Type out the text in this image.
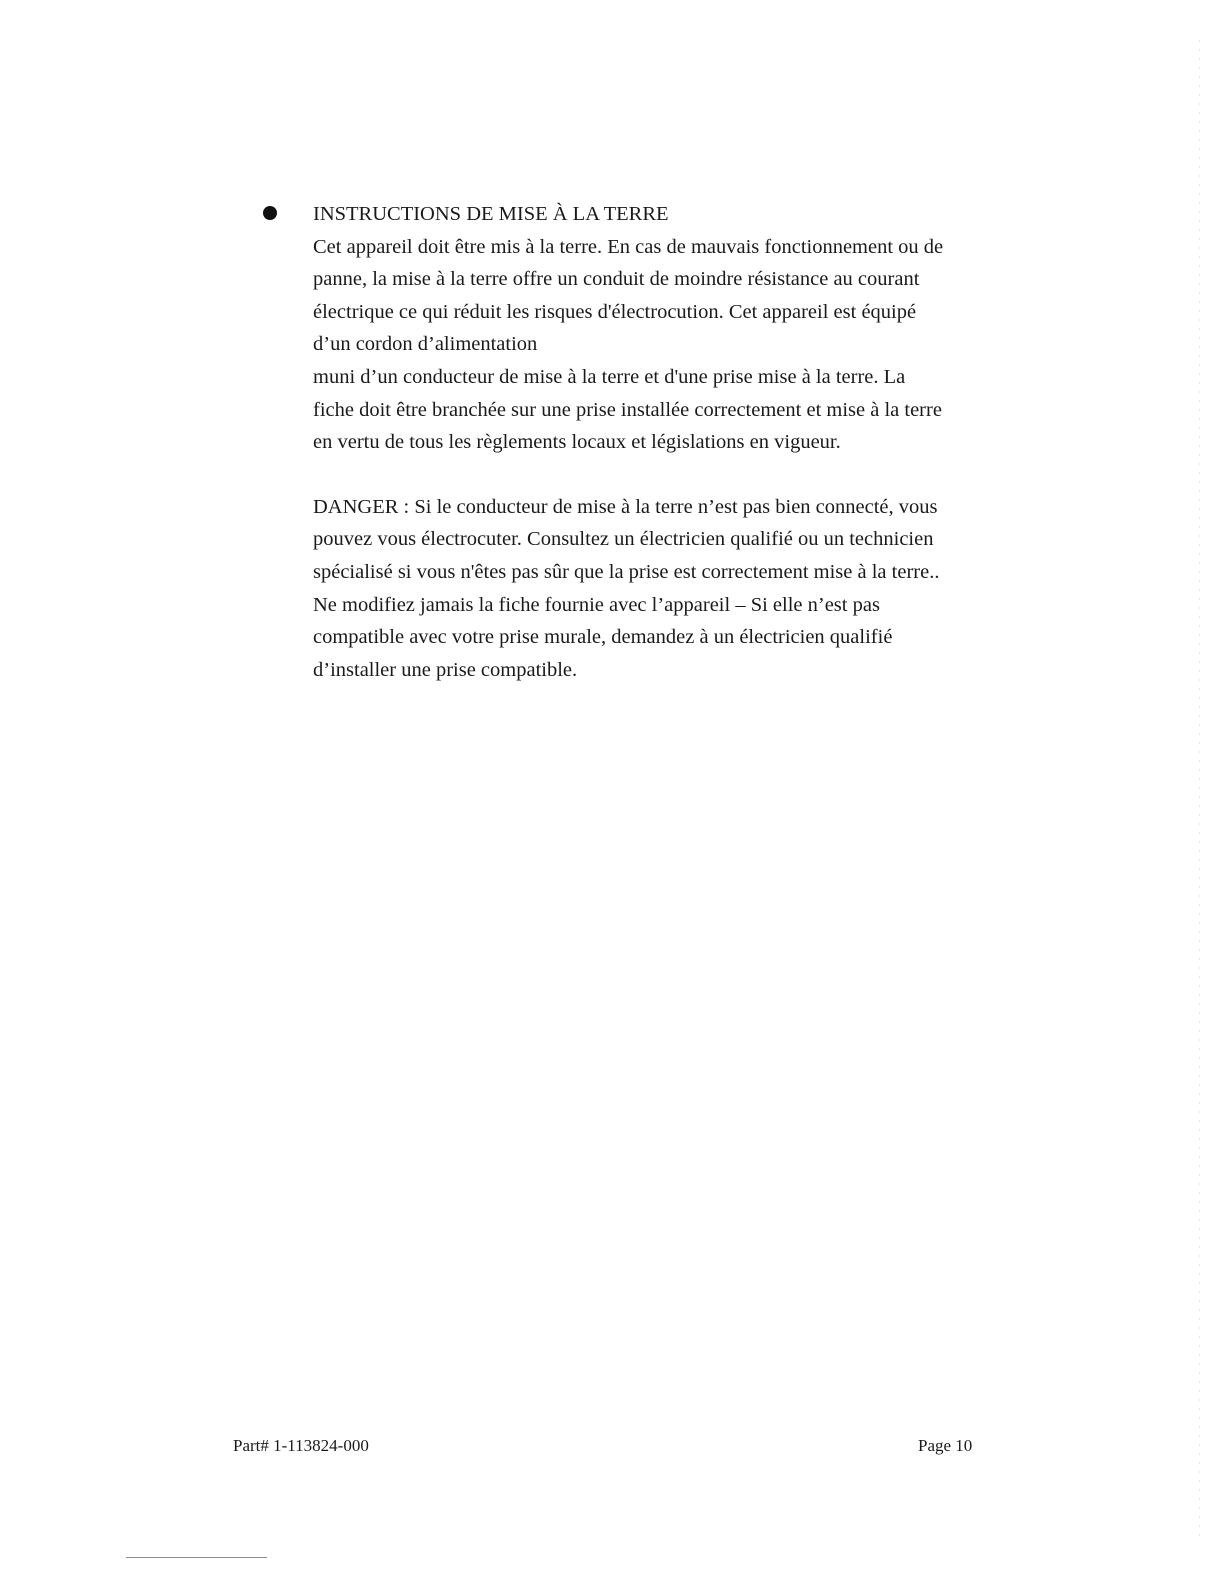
INSTRUCTIONS DE MISE À LA TERRE
Cet appareil doit être mis à la terre. En cas de mauvais fonctionnement ou de
panne, la mise à la terre offre un conduit de moindre résistance au courant
électrique ce qui réduit les risques d'électrocution. Cet appareil est équipé
d’un cordon d’alimentation
muni d’un conducteur de mise à la terre et d'une prise mise à la terre. La
fiche doit être branchée sur une prise installée correctement et mise à la terre
en vertu de tous les règlements locaux et législations en vigueur.
DANGER : Si le conducteur de mise à la terre n’est pas bien connecté, vous
pouvez vous électrocuter. Consultez un électricien qualifié ou un technicien
spécialisé si vous n'êtes pas sûr que la prise est correctement mise à la terre..
Ne modifiez jamais la fiche fournie avec l’appareil – Si elle n’est pas
compatible avec votre prise murale, demandez à un électricien qualifié
d’installer une prise compatible.
Part# 1-113824-000	Page 10
